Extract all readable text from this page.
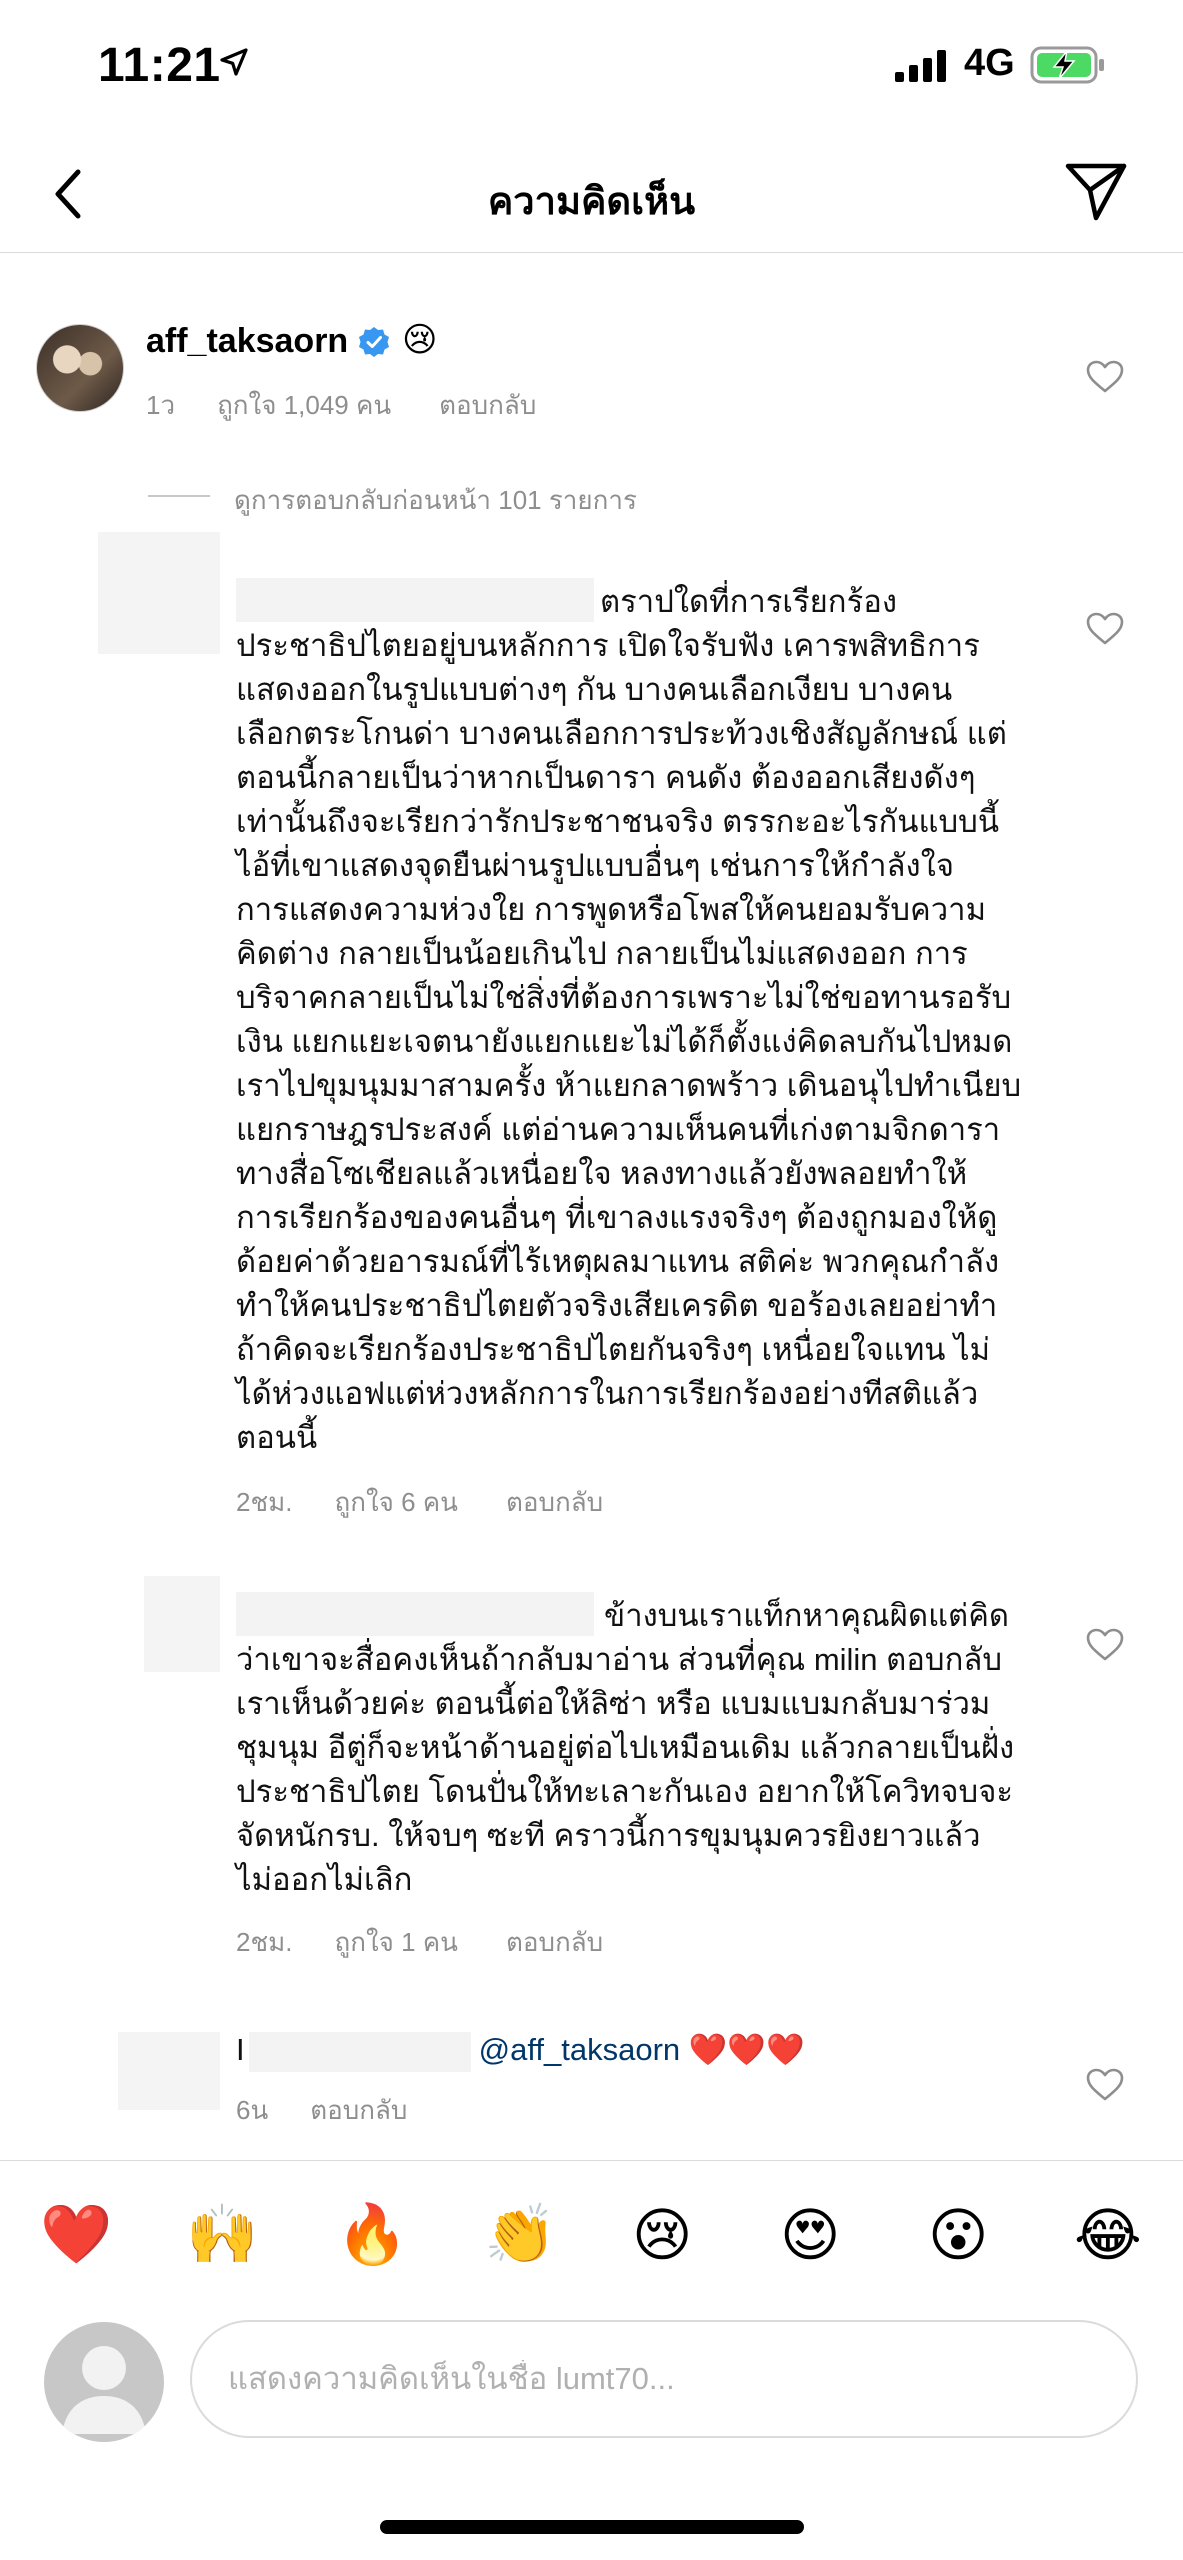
11:21	4G
ความคิดเห็น
aff_taksaorn 😢
1ว ถูกใจ 1,049 คน ตอบกลับ
ดูการตอบกลับก่อนหน้า 101 รายการ

ตราปใดที่การเรียกร้อง
ประชาธิปไตยอยู่บนหลักการ เปิดใจรับฟัง เคารพสิทธิการ
แสดงออกในรูปแบบต่างๆ กัน บางคนเลือกเงียบ บางคน
เลือกตระโกนด่า บางคนเลือกการประท้วงเชิงสัญลักษณ์ แต่
ตอนนี้กลายเป็นว่าหากเป็นดารา คนดัง ต้องออกเสียงดังๆ
เท่านั้นถึงจะเรียกว่ารักประชาชนจริง ตรรกะอะไรกันแบบนี้
ไอ้ที่เขาแสดงจุดยืนผ่านรูปแบบอื่นๆ เช่นการให้กำลังใจ
การแสดงความห่วงใย การพูดหรือโพสให้คนยอมรับความ
คิดต่าง กลายเป็นน้อยเกินไป กลายเป็นไม่แสดงออก การ
บริจาคกลายเป็นไม่ใช่สิ่งที่ต้องการเพราะไม่ใช่ขอทานรอรับ
เงิน แยกแยะเจตนายังแยกแยะไม่ได้ก็ตั้งแง่คิดลบกันไปหมด
เราไปขุมนุมมาสามครั้ง ห้าแยกลาดพร้าว เดินอนุไปทำเนียบ
แยกราษฎรประสงค์ แต่อ่านความเห็นคนที่เก่งตามจิกดารา
ทางสื่อโซเชียลแล้วเหนื่อยใจ หลงทางแล้วยังพลอยทำให้
การเรียกร้องของคนอื่นๆ ที่เขาลงแรงจริงๆ ต้องถูกมองให้ดู
ด้อยค่าด้วยอารมณ์ที่ไร้เหตุผลมาแทน สติค่ะ พวกคุณกำลัง
ทำให้คนประชาธิปไตยตัวจริงเสียเครดิต ขอร้องเลยอย่าทำ
ถ้าคิดจะเรียกร้องประชาธิปไตยกันจริงๆ เหนื่อยใจแทน ไม่
ได้ห่วงแอฟแต่ห่วงหลักการในการเรียกร้องอย่างทีสติแล้ว
ตอนนี้

2ชม. ถูกใจ 6 คน ตอบกลับ

ข้างบนเราแท็กหาคุณผิดแต่คิด
ว่าเขาจะสื่อคงเห็นถ้ากลับมาอ่าน ส่วนที่คุณ milin ตอบกลับ
เราเห็นด้วยค่ะ ตอนนี้ต่อให้ลิซ่า หรือ แบมแบมกลับมาร่วม
ชุมนุม อีตู่ก็จะหน้าด้านอยู่ต่อไปเหมือนเดิม แล้วกลายเป็นฝั่ง
ประชาธิปไตย โดนปั่นให้ทะเลาะกันเอง อยากให้โควิทจบจะ
จัดหนักรบ. ให้จบๆ ซะที คราวนี้การขุมนุมควรยิงยาวแล้ว
ไม่ออกไม่เลิก

2ชม. ถูกใจ 1 คน ตอบกลับ
I	@aff_taksaorn ❤️❤️❤️
6น ตอบกลับ
❤️ 🙌 🔥 👏 😢 😍 😮 😂
แสดงความคิดเห็นในชื่อ lumt70...
